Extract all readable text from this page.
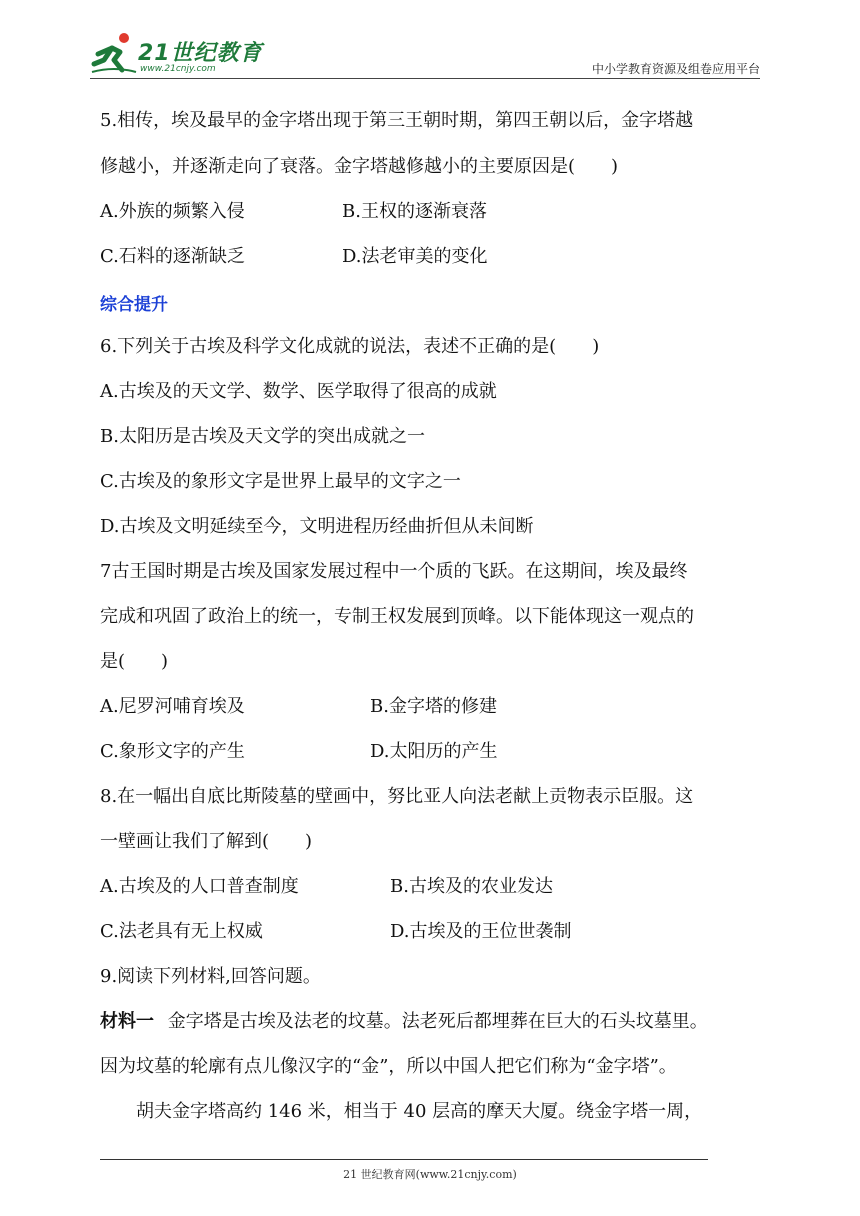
21世纪教育
www.21cnjy.com	中小学教育资源及组卷应用平台
5.相传，埃及最早的金字塔出现于第三王朝时期，第四王朝以后，金字塔越
修越小，并逐渐走向了衰落。金字塔越修越小的主要原因是(　　)
A.外族的频繁入侵	B.王权的逐渐衰落
C.石料的逐渐缺乏	D.法老审美的变化
综合提升
6.下列关于古埃及科学文化成就的说法，表述不正确的是(　　)
A.古埃及的天文学、数学、医学取得了很高的成就
B.太阳历是古埃及天文学的突出成就之一
C.古埃及的象形文字是世界上最早的文字之一
D.古埃及文明延续至今，文明进程历经曲折但从未间断
7古王国时期是古埃及国家发展过程中一个质的飞跃。在这期间，埃及最终
完成和巩固了政治上的统一，专制王权发展到顶峰。以下能体现这一观点的
是(　　)
A.尼罗河哺育埃及	B.金字塔的修建
C.象形文字的产生	D.太阳历的产生
8.在一幅出自底比斯陵墓的壁画中，努比亚人向法老献上贡物表示臣服。这
一壁画让我们了解到(　　)
A.古埃及的人口普查制度	B.古埃及的农业发达
C.法老具有无上权威	D.古埃及的王位世袭制
9.阅读下列材料,回答问题。
材料一 金字塔是古埃及法老的坟墓。法老死后都埋葬在巨大的石头坟墓里。
因为坟墓的轮廓有点儿像汉字的“金”，所以中国人把它们称为“金字塔”。
胡夫金字塔高约 146 米，相当于 40 层高的摩天大厦。绕金字塔一周，
21 世纪教育网(www.21cnjy.com)
